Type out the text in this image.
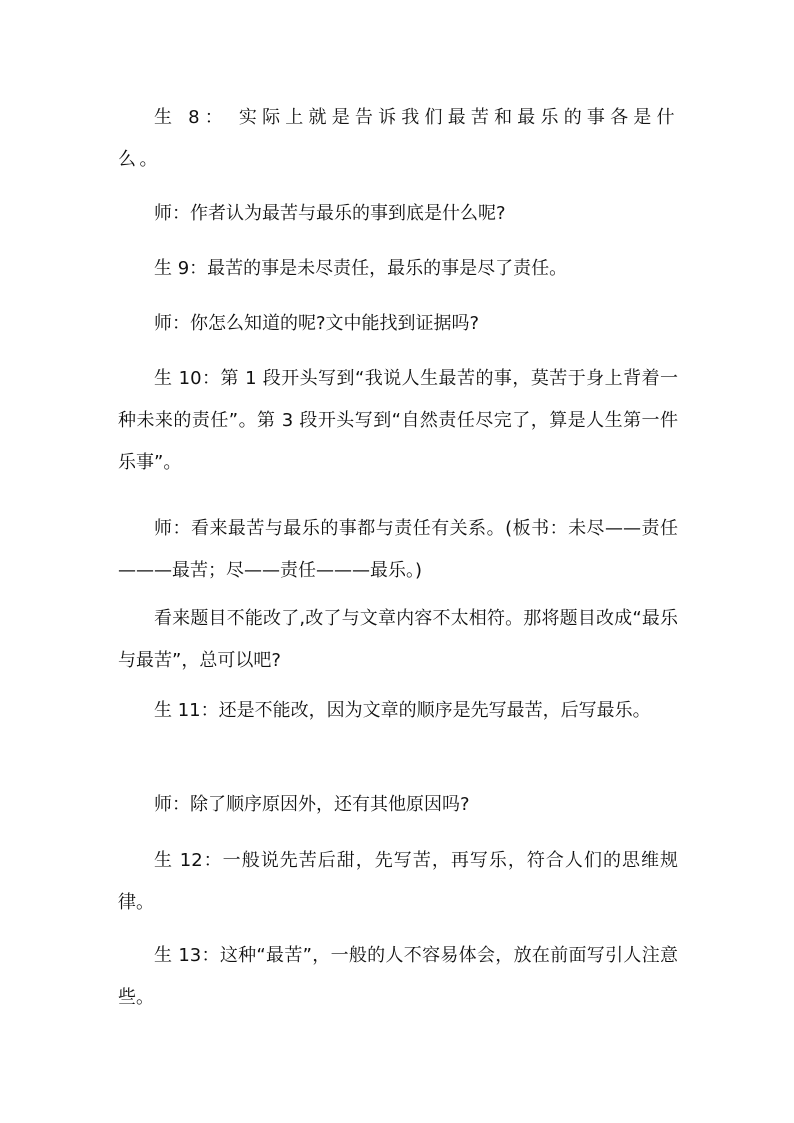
生 8： 实际上就是告诉我们最苦和最乐的事各是什么。

师：作者认为最苦与最乐的事到底是什么呢?

生 9：最苦的事是未尽责任，最乐的事是尽了责任。

师：你怎么知道的呢?文中能找到证据吗?

生 10：第 1 段开头写到“我说人生最苦的事，莫苦于身上背着一种未来的责任”。第 3 段开头写到“自然责任尽完了，算是人生第一件乐事”。

师：看来最苦与最乐的事都与责任有关系。(板书：未尽——责任———最苦；尽——责任———最乐。)

看来题目不能改了,改了与文章内容不太相符。那将题目改成“最乐与最苦”，总可以吧?

生 11：还是不能改，因为文章的顺序是先写最苦，后写最乐。

师：除了顺序原因外，还有其他原因吗?

生 12：一般说先苦后甜，先写苦，再写乐，符合人们的思维规律。

生 13：这种“最苦”，一般的人不容易体会，放在前面写引人注意些。
